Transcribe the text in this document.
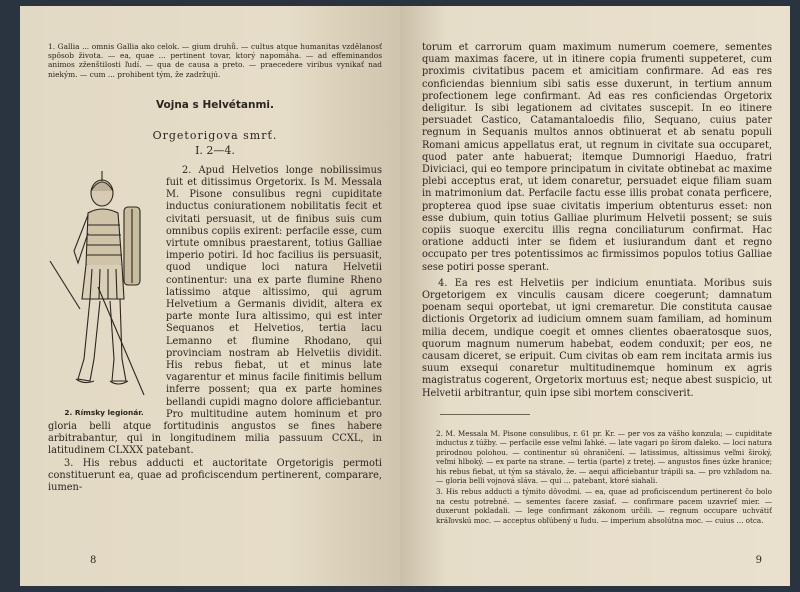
1. Gallia ... omnis Gallia ako celok. — gium druhů. — cultus atque humanitas vzdělanosť spôsob života. — ea, quae ... pertinent tovar, ktorý napomáha. — ad effeminandos animos zženštilosti ľudí. — qua de causa a preto. — praecedere viribus vynikať nad niekým. — cum ... prohibent tým, že zadržujú.

Vojna s Helvétanmi.

Orgetorigova smrť.

I. 2—4.

2. Rímsky legionár.

2. Apud Helvetios longe nobilissimus fuit et ditissimus Orgetorix. Is M. Messala M. Pisone consulibus regni cupiditate inductus coniurationem nobilitatis fecit et civitati persuasit, ut de finibus suis cum omnibus copiis exirent: perfacile esse, cum virtute omnibus praestarent, totius Galliae imperio potiri. Id hoc facilius iis persuasit, quod undique loci natura Helvetii continentur: una ex parte flumine Rheno latissimo atque altissimo, qui agrum Helvetium a Germanis dividit, altera ex parte monte Iura altissimo, qui est inter Sequanos et Helvetios, tertia lacu Lemanno et flumine Rhodano, qui provinciam nostram ab Helvetiis dividit. His rebus fiebat, ut et minus late vagarentur et minus facile finitimis bellum inferre possent; qua ex parte homines bellandi cupidi magno dolore afficiebantur. Pro multitudine autem hominum et pro gloria belli atque fortitudinis angustos se fines habere arbitrabantur, qui in longitudinem milia passuum CCXL, in latitudinem CLXXX patebant.

3. His rebus adducti et auctoritate Orgetorigis permoti constituerunt ea, quae ad proficiscendum pertinerent, comparare, iumen-

8

torum et carrorum quam maximum numerum coemere, sementes quam maximas facere, ut in itinere copia frumenti suppeteret, cum proximis civitatibus pacem et amicitiam confirmare. Ad eas res conficiendas biennium sibi satis esse duxerunt, in tertium annum profectionem lege confirmant. Ad eas res conficiendas Orgetorix deligitur. Is sibi legationem ad civitates suscepit. In eo itinere persuadet Castico, Catamantaloedis filio, Sequano, cuius pater regnum in Sequanis multos annos obtinuerat et ab senatu populi Romani amicus appellatus erat, ut regnum in civitate sua occuparet, quod pater ante habuerat; itemque Dumnorigi Haeduo, fratri Diviciaci, qui eo tempore principatum in civitate obtinebat ac maxime plebi acceptus erat, ut idem conaretur, persuadet eique filiam suam in matrimonium dat. Perfacile factu esse illis probat conata perficere, propterea quod ipse suae civitatis imperium obtenturus esset: non esse dubium, quin totius Galliae plurimum Helvetii possent; se suis copiis suoque exercitu illis regna conciliaturum confirmat. Hac oratione adducti inter se fidem et iusiurandum dant et regno occupato per tres potentissimos ac firmissimos populos totius Galliae sese potiri posse sperant.

4. Ea res est Helvetiis per indicium enuntiata. Moribus suis Orgetorigem ex vinculis causam dicere coegerunt; damnatum poenam sequi oportebat, ut igni cremaretur. Die constituta causae dictionis Orgetorix ad iudicium omnem suam familiam, ad hominum milia decem, undique coegit et omnes clientes obaeratosque suos, quorum magnum numerum habebat, eodem conduxit; per eos, ne causam diceret, se eripuit. Cum civitas ob eam rem incitata armis ius suum exsequi conaretur multitudinemque hominum ex agris magistratus cogerent, Orgetorix mortuus est; neque abest suspicio, ut Helvetii arbitrantur, quin ipse sibi mortem consciverit.

2. M. Messala M. Pisone consulibus, r. 61 pr. Kr. — per vos za vášho konzula; — cupiditate inductus z túžby. — perfacile esse veľmi ľahké. — late vagari po šírom ďaleko. — loci natura prírodnou polohou. — continentur sú ohraničení. — latissimus, altissimus veľmi široký, veľmi hlboký. — ex parte na strane. — tertia (parte) z tretej. — angustos fines úzke hranice; his rebus fiebat, ut tým sa stávalo, že. — aequi afficiebantur trápili sa. — pro vzhľadom na. — gloria belli vojnová sláva. — qui ... patebant, ktoré siahali.

3. His rebus adducti a týmito dôvodmi. — ea, quae ad proficiscendum pertinerent čo bolo na cestu potrebné. — sementes facere zasiať. — confirmare pacem uzavrieť mier. — duxerunt pokladali. — lege confirmant zákonom určili. — regnum occupare uchvátiť kráľovskú moc. — acceptus obľúbený u ľudu. — imperium absolútna moc. — cuius ... otca.

9
